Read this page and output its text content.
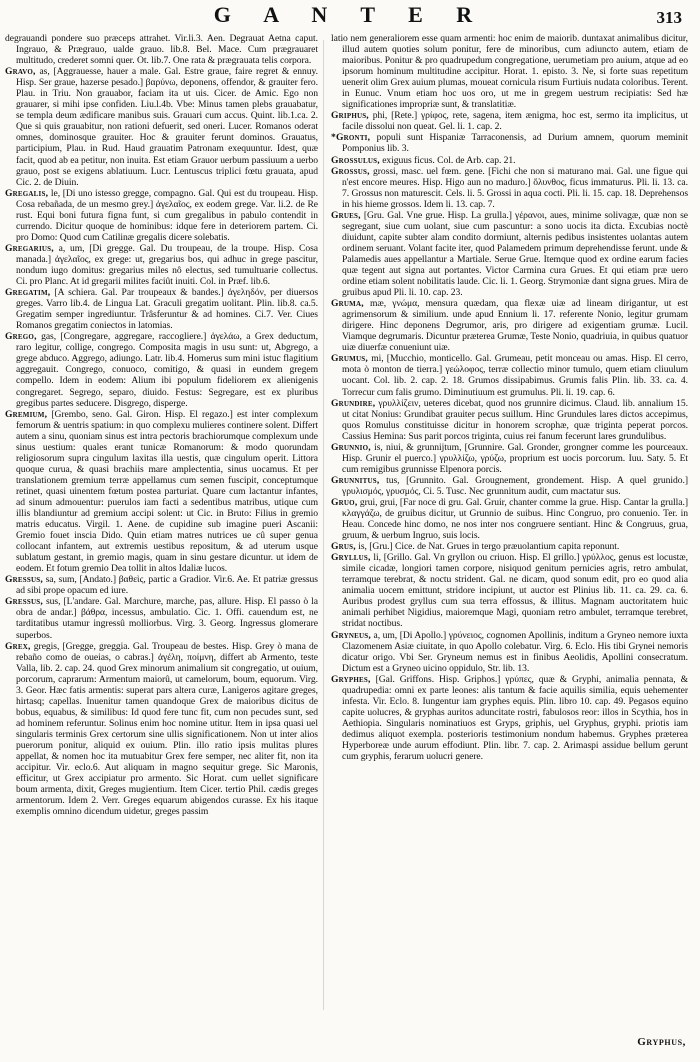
G A N T E R	313

degrauandi pondere suo præceps attrahet. Vir.li.3. Aen. Degrauat Aetna caput. Ingrauo, & Prægrauo, ualde grauo. lib.8. Bel. Mace. Cum prægrauaret multitudo, crederet somni quer. Ot. lib.7. One rata & prægrauata telis corpora.

Gravo, as, [Aggrauesse, hauer a male. Gal. Estre graue, faire regret & ennuy. Hisp. Ser graue, hazerse pesado.] βαρύνω, deponens, offendor, & grauiter fero. Plau. in Triu. Non grauabor, faciam ita ut uis. Cicer. de Amic. Ego non grauarer, si mihi ipse confiden. Liu.l.4b. Vbe: Minus tamen plebs grauabatur, se templa deum ædificare manibus suis. Grauari cum accus. Quint. lib.1.ca. 2. Que si quis grauabitur, non rationi defuerit, sed oneri. Lucer. Romanos oderat omnes, dominosque grauiter. Hoc & grauiter ferunt dominos. Grauatus, participium, Plau. in Rud. Haud grauatim Patronam exequuntur. Idest, quæ facit, quod ab ea petitur, non inuita. Est etiam Grauor uerbum passiuum a uerbo grauo, post se exigens ablatiuum. Lucr. Lentuscus triplici fœtu grauata, apud Cic. 2. de Diuin.

Gregalis, le, [Di uno istesso gregge, compagno. Gal. Qui est du troupeau. Hisp. Cosa rebañada, de un mesmo grey.] ἀγελαῖος, ex eodem grege. Var. li.2. de Re rust. Equi boni futura figna funt, si cum gregalibus in pabulo contendit in currendo. Dicitur quoque de hominibus: idque fere in deteriorem partem. Ci. pro Domo: Quod cum Catilinæ gregalis dicere solebatis.

Gregarius, a, um, [Di gregge. Gal. Du troupeau, de la troupe. Hisp. Cosa manada.] ἀγελαῖος, ex grege: ut, gregarius bos, qui adhuc in grege pascitur, nondum iugo domitus: gregarius miles nô electus, sed tumultuarie collectus. Ci. pro Planc. At id gregarii milites faciût inuiti. Col. in Præf. lib.6.

Gregatim, [A schiera. Gal. Par troupeaux & bandes.] ἀγεληδόν, per diuersos greges. Varro lib.4. de Lingua Lat. Graculi gregatim uolitant. Plin. lib.8. ca.5. Gregatim semper ingrediuntur. Trâsferuntur & ad homines. Ci.7. Ver. Ciues Romanos gregatim coniectos in latomias.

Grego, gas, [Congregare, aggregare, raccogliere.] ἀγελάω, a Grex deductum, raro legitur, collige, congrego. Composita magis in usu sunt: ut, Abgrego, a grege abduco. Aggrego, adiungo. Latr. lib.4. Homerus sum mini istuc flagitium aggregauit. Congrego, conuoco, comitigo, & quasi in eundem gregem compello. Idem in eodem: Alium ibi populum fideliorem ex alienigenis congregaret. Segrego, separo, diuido. Festus: Segregare, est ex pluribus gregibus partes seducere. Disgrego, disperge.

Gremium, [Grembo, seno. Gal. Giron. Hisp. El regazo.] est inter complexum femorum & uentris spatium: in quo complexu mulieres continere solent. Differt autem a sinu, quoniam sinus est intra pectoris brachiorumque complexum unde sinus uestium: quales erant tunicæ Romanorum: & modo quorundam religiosorum supra cingulum laxitas illa uestis, quæ cingulum operit. Littora quoque curua, & quasi brachiis mare amplectentia, sinus uocamus. Et per translationem gremium terræ appellamus cum semen fuscipit, conceptumque retinet, quasi uinentem fœtum postea parturiat. Quare cum lactantur infantes, ad sinum admouentur: puerulos iam facti a sedentibus matribus, utique cum illis blandiuntur ad gremium accipi solent: ut Cic. in Bruto: Filius in gremio matris educatus. Virgil. 1. Aene. de cupidine sub imagine pueri Ascanii: Gremio fouet inscia Dido. Quin etiam matres nutrices ue cû super genua collocant infantem, aut extremis uestibus repositum, & ad uterum usque sublatum gestant, in gremio magis, quam in sinu gestare dicuntur. ut idem de eodem. Et fotum gremio Dea tollit in altos Idaliæ lucos.

Gressus, sa, sum, [Andato.] βαθεὶς, partic a Gradior. Vir.6. Ae. Et patriæ gressus ad sibi prope opacum ed iure.

Gressus, sus, [L'andare. Gal. Marchure, marche, pas, allure. Hisp. El passo ò la obra de andar.] βάθρα, incessus, ambulatio. Cic. 1. Offi. cauendum est, ne tarditatibus utamur ingressû molliorbus. Virg. 3. Georg. Ingressus glomerare superbos.

Grex, gregis, [Gregge, greggia. Gal. Troupeau de bestes. Hisp. Grey ò mana de rebaño como de oueias, o cabras.] ἀγέλη, ποίμνη, differt ab Armento, teste Valla, lib. 2. cap. 24. quod Grex minorum animalium sit congregatio, ut ouium, porcorum, caprarum: Armentum maiorû, ut camelorum, boum, equorum. Virg. 3. Geor. Hæc fatis armentis: superat pars altera curæ, Lanigeros agitare greges, hirtasq; capellas. Inuenitur tamen quandoque Grex de maioribus dicitus de bobus, equabus, & similibus: Id quod fere tunc fit, cum non pecudes sunt, sed ad hominem referuntur. Solinus enim hoc nomine utitur. Item in ipsa quasi uel singularis terminis Grex certorum sine ullis significationem. Non ut inter alios puerorum ponitur, aliquid ex ouium. Plin. illo ratio ipsis mulitas plures appellat, & nomen hoc ita mutuabitur Grex fere semper, nec aliter fit, non ita accipitur. Vir. eclo.6. Aut aliquam in magno sequitur grege. Sic Maronis, efficitur, ut Grex accipiatur pro armento. Sic Horat. cum uellet significare boum armenta, dixit, Greges mugientium. Item Cicer. tertio Phil. cædis greges armentorum. Idem 2. Verr. Greges equarum abigendos curasse. Ex his itaque exemplis omnino dicendum uidetur, greges passim

latio nem generaliorem esse quam armenti: hoc enim de maiorib. duntaxat animalibus dicitur, illud autem quoties solum ponitur, fere de minoribus, cum adiuncto autem, etiam de maioribus. Ponitur & pro quadrupedum congregatione, uerumetiam pro auium, atque ad eo ipsorum hominum multitudine accipitur. Horat. 1. episto. 3. Ne, si forte suas repetitum uenerit olim Grex auium plumas, moueat cornicula risum Furtiuis nudata coloribus. Terent. in Eunuc. Vnum etiam hoc uos oro, ut me in gregem uestrum recipiatis: Sed hæ significationes impropriæ sunt, & translatitiæ.

Griphus, phi, [Rete.] γρίφος, rete, sagena, item ænigma, hoc est, sermo ita implicitus, ut facile dissolui non queat. Gel. li. 1. cap. 2.

*Gronti, populi sunt Hispaniæ Tarraconensis, ad Durium amnem, quorum meminit Pomponius lib. 3.

Grossulus, exiguus ficus. Col. de Arb. cap. 21.

Grossus, grossi, masc. uel fœm. gene. [Fichi che non si maturano mai. Gal. une figue qui n'est encore meures. Hisp. Higo aun no maduro.] ὄλυνθος, ficus immaturus. Pli. li. 13. ca. 7. Grossus non maturescit. Cels. li. 5. Grossi in aqua cocti. Pli. li. 15. cap. 18. Deprehensos in his hieme grossos. Idem li. 13. cap. 7.

Grues, [Gru. Gal. Vne grue. Hisp. La grulla.] γέρανοι, aues, minime solivagæ, quæ non se segregant, siue cum uolant, siue cum pascuntur: a sono uocis ita dicta. Excubias noctè diuidunt, capite subter alam condito dormiunt, alternis pedibus insistentes uolantas autem ordinem seruant. Volant facite iter, quod Palamedem primum deprehendisse ferunt. unde & Palamedis aues appellantur a Martiale. Serue Grue. Itemque quod ex ordine earum facies quæ tegent aut signa aut portantes. Victor Carmina cura Grues. Et qui etiam præ uero ordine etiam solent nobilitatis laude. Cic. li. 1. Georg. Strymoniæ dant signa grues. Mira de gruibus apud Pli. li. 10. cap. 23.

Gruma, mæ, γνώμα, mensura quædam, qua flexæ uiæ ad lineam dirigantur, ut est agrimensorum & similium. unde apud Ennium li. 17. referente Nonio, legitur grumam dirigere. Hinc deponens Degrumor, aris, pro dirigere ad exigentiam grumæ. Lucil. Viamque degrumaris. Dicuntur præterea Grumæ, Teste Nonio, quadriuia, in quibus quatuor uiæ diuerfæ conueniunt uiæ.

Grumus, mi, [Mucchio, monticello. Gal. Grumeau, petit monceau ou amas. Hisp. El cerro, mota ò monton de tierra.] γεώλοφος, terræ collectio minor tumulo, quem etiam cliuulum uocant. Col. lib. 2. cap. 2. 18. Grumos dissipabimus. Grumis falis Plin. lib. 33. ca. 4. Torrecur cum falis grumo. Diminutiuum est grumulus. Pli. li. 19. cap. 6.

Grundire, γρυλλίζειν, ueteres dicebat, quod nos grunnire dicimus. Claud. lib. annalium 15. ut citat Nonius: Grundibat grauiter pecus suillum. Hinc Grundules lares dictos accepimus, quos Romulus constituisse dicitur in honorem scrophæ, quæ triginta peperat porcos. Cassius Hemina: Sus parit porcos triginta, cuius rei fanum fecerunt lares grundulibus.

Grunnio, is, niui, & grunnijtum, [Grunnire. Gal. Gronder, grongner comme les pourceaux. Hisp. Grunir el puerco.] γρυλλίζω, γρύζω, proprium est uocis porcorum. Iuu. Saty. 5. Et cum remigibus grunnisse Elpenora porcis.

Grunnitus, tus, [Grunnito. Gal. Grougnement, grondement. Hisp. A quel grunido.] γρυλισμός, γρυσμός, Ci. 5. Tusc. Nec grunnitum audit, cum mactatur sus.

Gruo, grui, grui, [Far noce di gru. Gal. Gruir, chanter comme la grue. Hisp. Cantar la grulla.] κλαγγάζω, de gruibus dicitur, ut Grunnio de suibus. Hinc Congruo, pro conuenio. Ter. in Heau. Concede hinc domo, ne nos inter nos congruere sentiant. Hinc & Congruus, grua, gruum, & uerbum Ingruo, suis locis.

Grus, is, [Gru.] Cice. de Nat. Grues in tergo præuolantium capita reponunt.

Gryllus, li, [Grillo. Gal. Vn gryllon ou criuon. Hisp. El grillo.] γρύλλος, genus est locustæ, simile cicadæ, longiori tamen corpore, nisiquod genitum pernicies agris, retro ambulat, terramque terebrat, & noctu strident. Gal. ne dicam, quod sonum edit, pro eo quod alia animalia uocem emittunt, stridore incipiunt, ut auctor est Plinius lib. 11. ca. 29. ca. 6. Auribus prodest gryllus cum sua terra effossus, & illitus. Magnam auctoritatem huic animali perhibet Nigidius, maioremque Magi, quoniam retro ambulet, terramque terebret, stridat noctibus.

Gryneus, a, um, [Di Apollo.] γρύνειος, cognomen Apollinis, inditum a Gryneo nemore iuxta Clazomenem Asiæ ciuitate, in quo Apollo colebatur. Virg. 6. Eclo. His tibi Grynei nemoris dicatur origo. Vbi Ser. Gryneum nemus est in finibus Aeolidis, Apollini consecratum. Dictum est a Gryneo uicino oppidulo, Str. lib. 13.

Gryphes, [Gal. Griffons. Hisp. Griphos.] γρύπες, quæ & Gryphi, animalia pennata, & quadrupedia: omni ex parte leones: alis tantum & facie aquilis similia, equis uehementer infesta. Vir. Eclo. 8. Iungentur iam gryphes equis. Plin. libro 10. cap. 49. Pegasos equino capite uolucres, & gryphas auritos aduncitate rostri, fabulosos reor: illos in Scythia, hos in Aethiopia. Singularis nominatiuos est Gryps, griphis, uel Gryphus, gryphi. priotis iam dedimus aliquot exempla. posterioris testimonium nondum habemus. Gryphes præterea Hyperboreæ unde aurum effodiunt. Plin. libr. 7. cap. 2. Arimaspi assidue bellum gerunt cum gryphis, ferarum uolucri genere.

Gryphus,
